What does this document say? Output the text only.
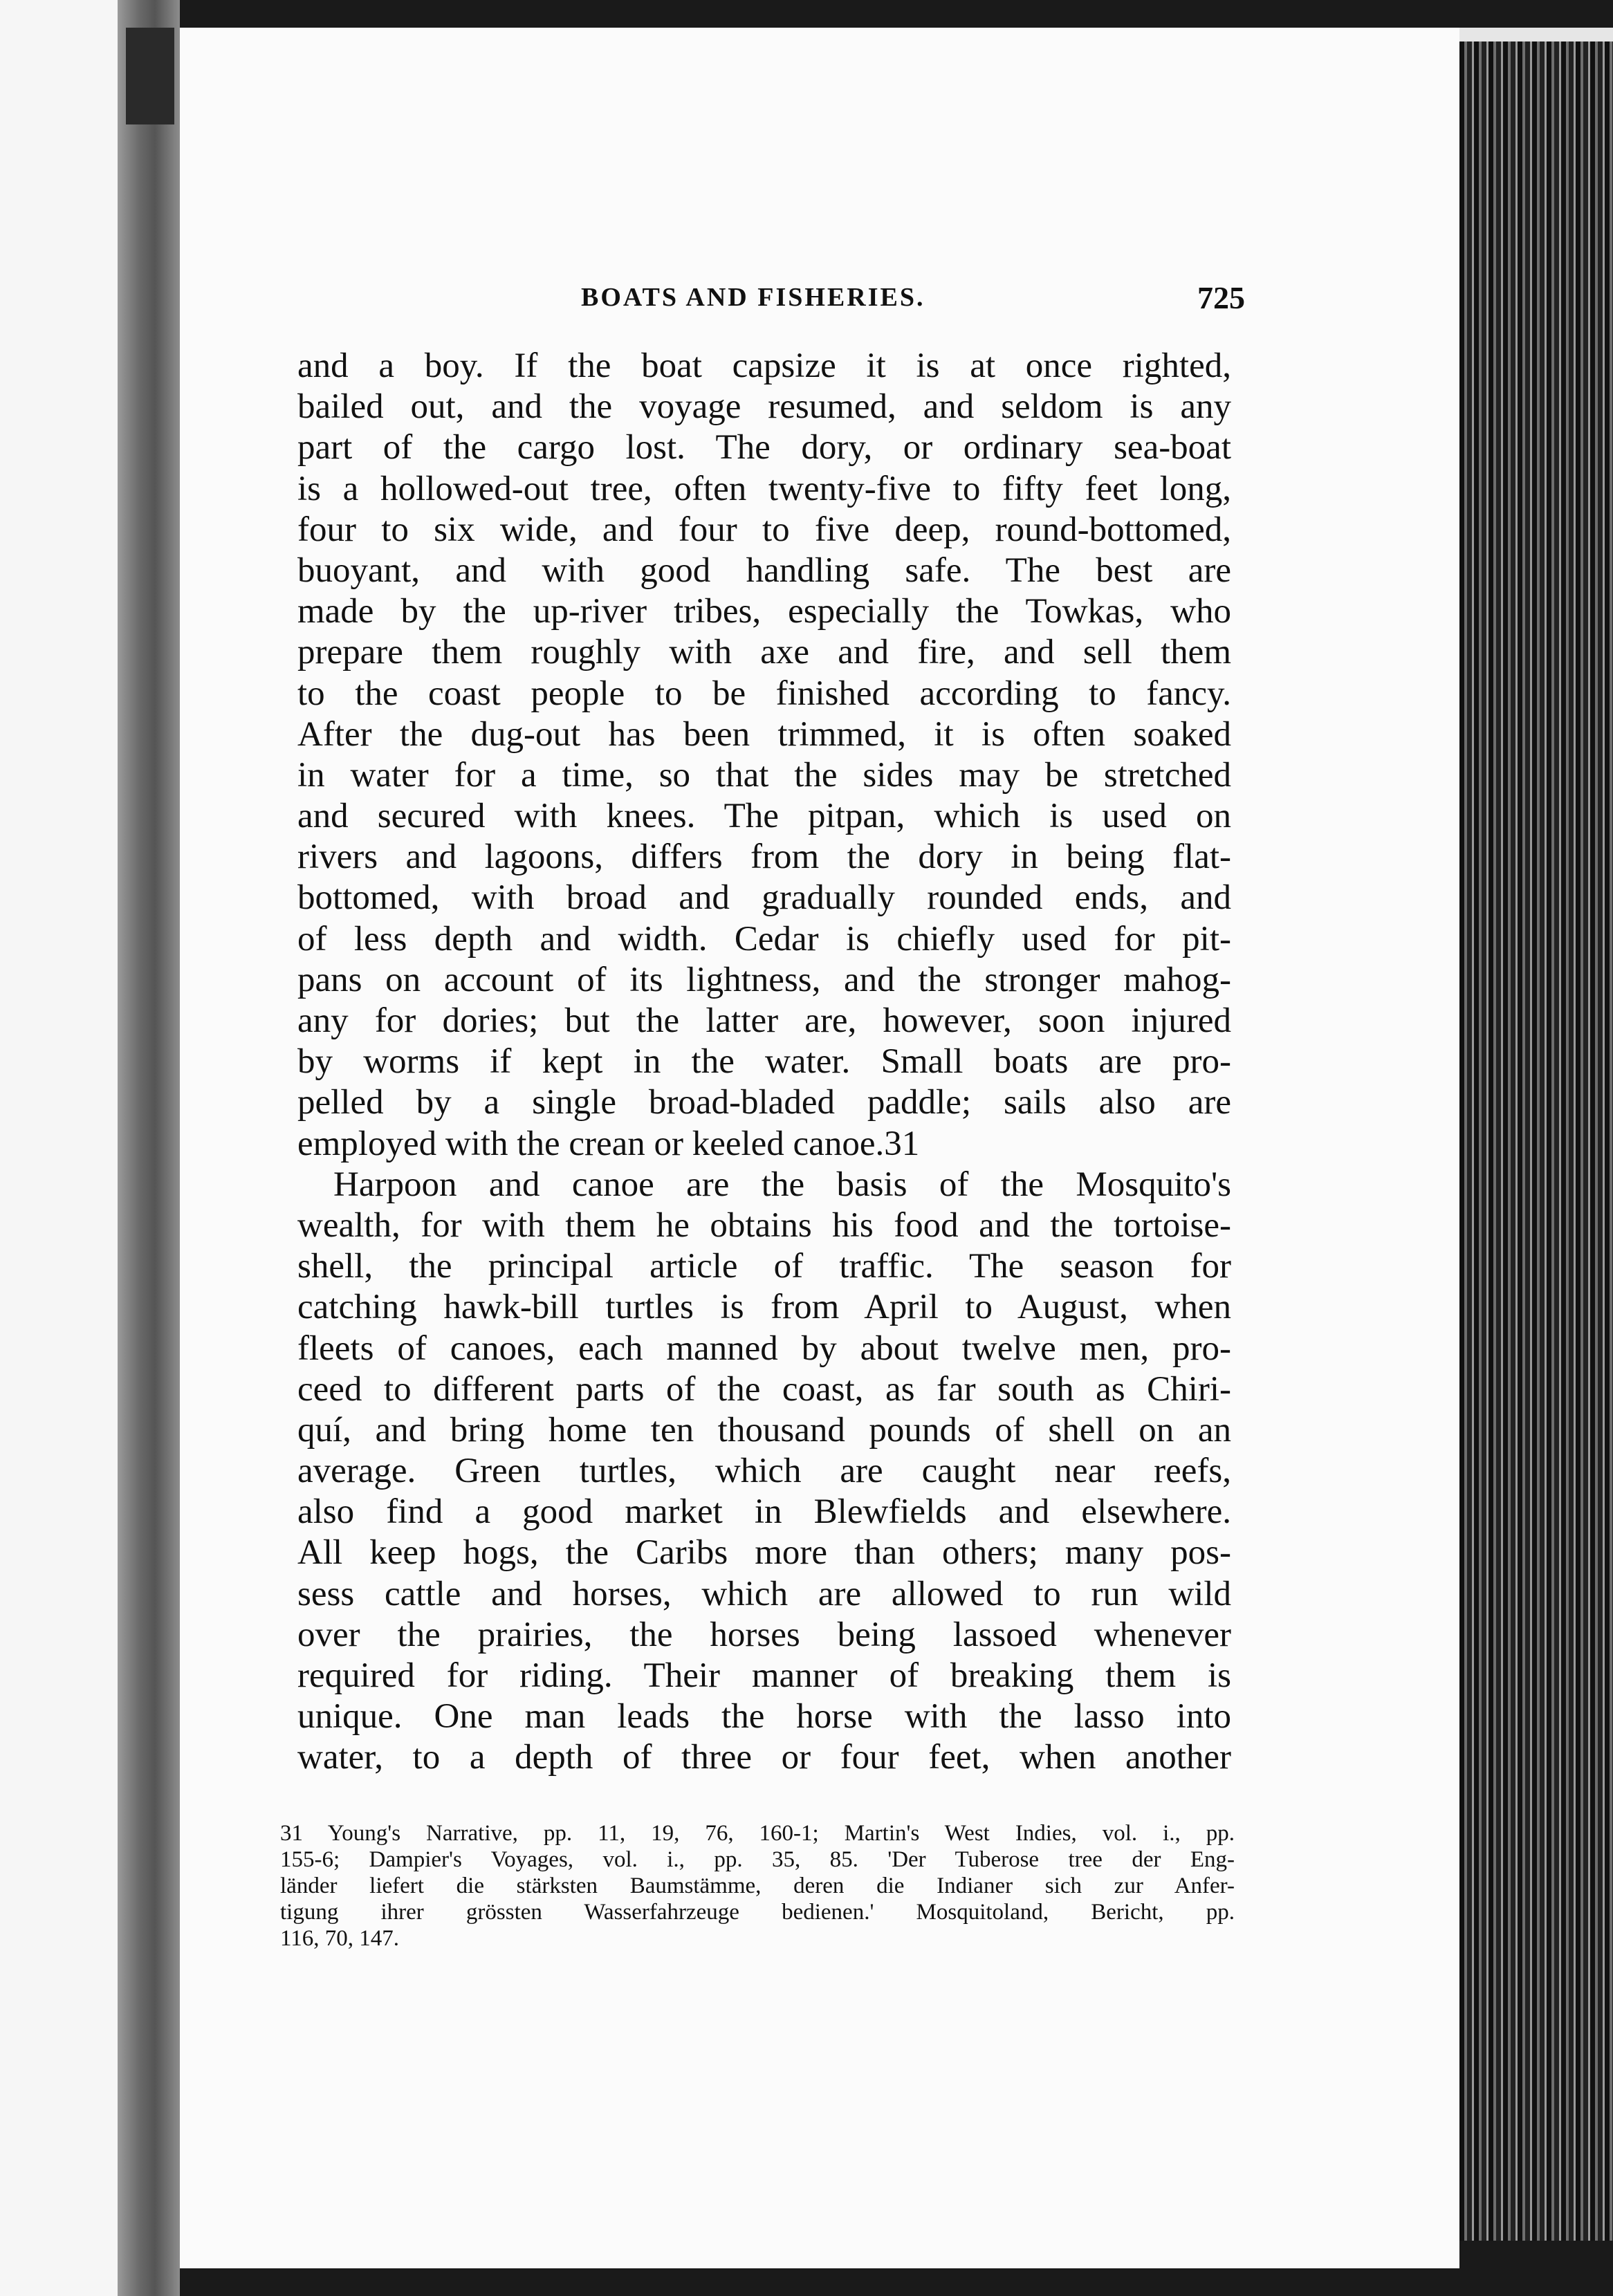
BOATS AND FISHERIES.	725
and a boy. If the boat capsize it is at once righted,
bailed out, and the voyage resumed, and seldom is any
part of the cargo lost. The dory, or ordinary sea-boat
is a hollowed-out tree, often twenty-five to fifty feet long,
four to six wide, and four to five deep, round-bottomed,
buoyant, and with good handling safe. The best are
made by the up-river tribes, especially the Towkas, who
prepare them roughly with axe and fire, and sell them
to the coast people to be finished according to fancy.
After the dug-out has been trimmed, it is often soaked
in water for a time, so that the sides may be stretched
and secured with knees. The pitpan, which is used on
rivers and lagoons, differs from the dory in being flat-
bottomed, with broad and gradually rounded ends, and
of less depth and width. Cedar is chiefly used for pit-
pans on account of its lightness, and the stronger mahog-
any for dories; but the latter are, however, soon injured
by worms if kept in the water. Small boats are pro-
pelled by a single broad-bladed paddle; sails also are
employed with the crean or keeled canoe.31
Harpoon and canoe are the basis of the Mosquito's
wealth, for with them he obtains his food and the tortoise-
shell, the principal article of traffic. The season for
catching hawk-bill turtles is from April to August, when
fleets of canoes, each manned by about twelve men, pro-
ceed to different parts of the coast, as far south as Chiri-
quí, and bring home ten thousand pounds of shell on an
average. Green turtles, which are caught near reefs,
also find a good market in Blewfields and elsewhere.
All keep hogs, the Caribs more than others; many pos-
sess cattle and horses, which are allowed to run wild
over the prairies, the horses being lassoed whenever
required for riding. Their manner of breaking them is
unique. One man leads the horse with the lasso into
water, to a depth of three or four feet, when another
31 Young's Narrative, pp. 11, 19, 76, 160-1; Martin's West Indies, vol. i., pp.
155-6; Dampier's Voyages, vol. i., pp. 35, 85. 'Der Tuberose tree der Eng-
länder liefert die stärksten Baumstämme, deren die Indianer sich zur Anfer-
tigung ihrer grössten Wasserfahrzeuge bedienen.' Mosquitoland, Bericht, pp.
116, 70, 147.
